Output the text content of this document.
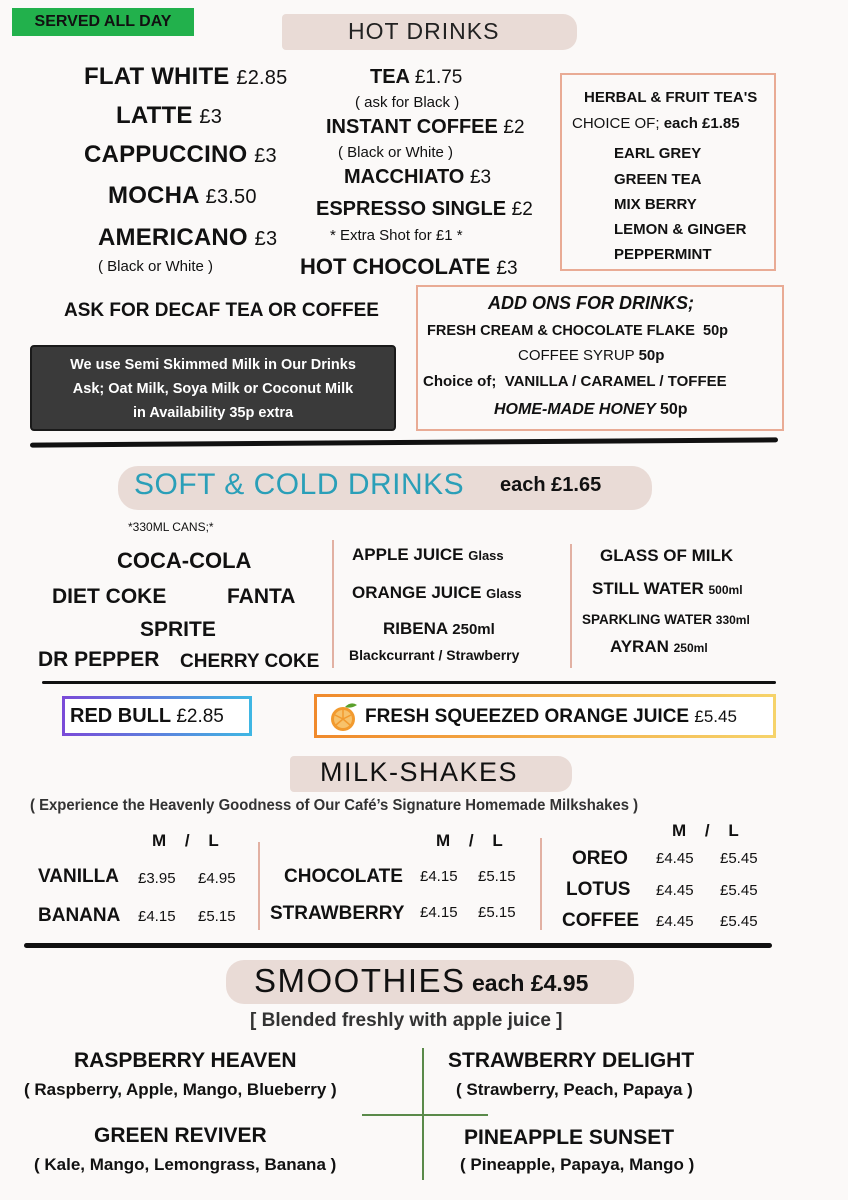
SERVED ALL DAY	HOT DRINKS
FLAT WHITE £2.85
LATTE £3
CAPPUCCINO £3
MOCHA £3.50
AMERICANO £3
( Black or White )
TEA £1.75
( ask for Black )
INSTANT COFFEE £2
( Black or White )
MACCHIATO £3
ESPRESSO SINGLE £2
* Extra Shot for £1 *
HOT CHOCOLATE £3
HERBAL & FRUIT TEA'S
CHOICE OF; each £1.85
EARL GREY
GREEN TEA
MIX BERRY
LEMON & GINGER
PEPPERMINT
ASK FOR DECAF TEA OR COFFEE
We use Semi Skimmed Milk in Our Drinks
Ask; Oat Milk, Soya Milk or Coconut Milk
in Availability 35p extra
ADD ONS FOR DRINKS;
FRESH CREAM & CHOCOLATE FLAKE 50p
COFFEE SYRUP 50p
Choice of; VANILLA / CARAMEL / TOFFEE
HOME-MADE HONEY 50p
SOFT & COLD DRINKS each £1.65
*330ML CANS;*
COCA-COLA
DIET COKE	FANTA
SPRITE
DR PEPPER CHERRY COKE
APPLE JUICE Glass
ORANGE JUICE Glass
RIBENA 250ml
Blackcurrant / Strawberry
GLASS OF MILK
STILL WATER 500ml
SPARKLING WATER 330ml
AYRAN 250ml
RED BULL £2.85	FRESH SQUEEZED ORANGE JUICE £5.45
MILK-SHAKES
( Experience the Heavenly Goodness of Our Café’s Signature Homemade Milkshakes )
M / L	M / L
M / L
VANILLA £3.95 £4.95
BANANA £4.15 £5.15
CHOCOLATE £4.15 £5.15
STRAWBERRY £4.15 £5.15
OREO £4.45 £5.45
LOTUS £4.45 £5.45
COFFEE £4.45 £5.45
SMOOTHIES each £4.95
[ Blended freshly with apple juice ]
RASPBERRY HEAVEN
( Raspberry, Apple, Mango, Blueberry )
STRAWBERRY DELIGHT
( Strawberry, Peach, Papaya )
GREEN REVIVER
( Kale, Mango, Lemongrass, Banana )
PINEAPPLE SUNSET
( Pineapple, Papaya, Mango )
